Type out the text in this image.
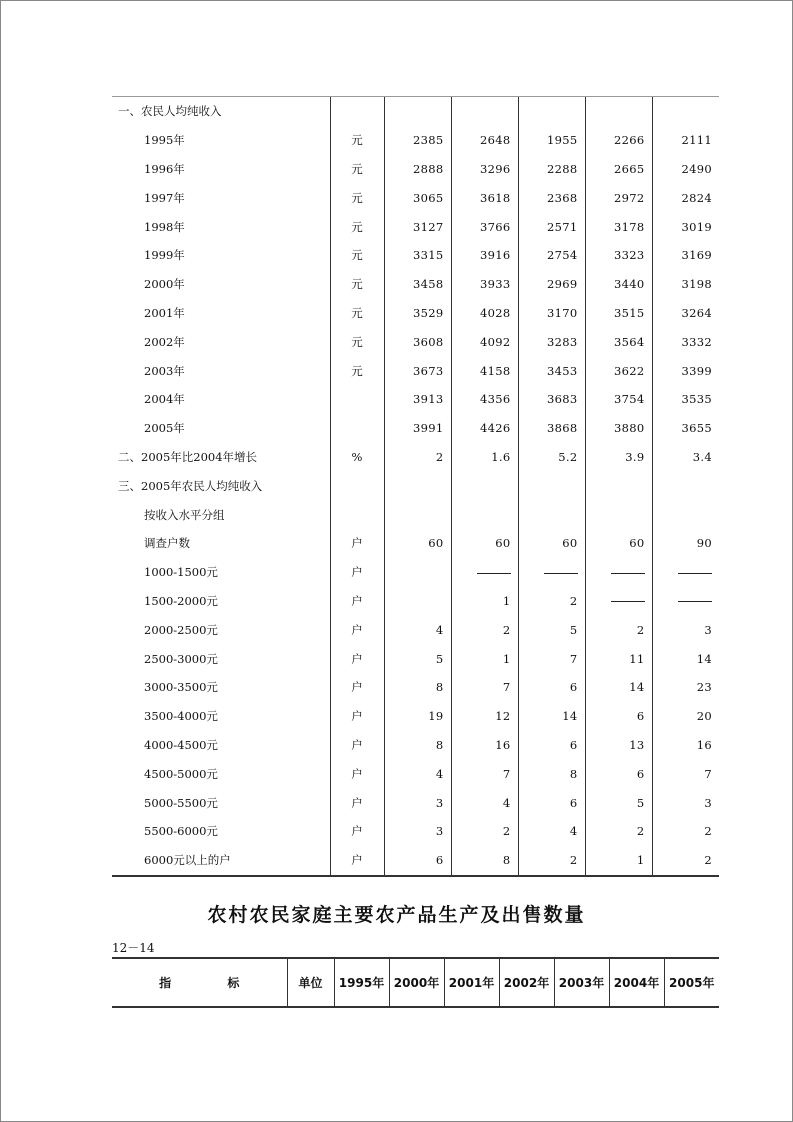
一、农民人均纯收入						
1995年	元	2385	2648	1955	2266	2111
1996年	元	2888	3296	2288	2665	2490
1997年	元	3065	3618	2368	2972	2824
1998年	元	3127	3766	2571	3178	3019
1999年	元	3315	3916	2754	3323	3169
2000年	元	3458	3933	2969	3440	3198
2001年	元	3529	4028	3170	3515	3264
2002年	元	3608	4092	3283	3564	3332
2003年	元	3673	4158	3453	3622	3399
2004年		3913	4356	3683	3754	3535
2005年		3991	4426	3868	3880	3655
二、2005年比2004年增长	%	2	1.6	5.2	3.9	3.4
三、2005年农民人均纯收入						
按收入水平分组						
调查户数	户	60	60	60	60	90
1000-1500元	户					
1500-2000元	户		1	2		
2000-2500元	户	4	2	5	2	3
2500-3000元	户	5	1	7	11	14
3000-3500元	户	8	7	6	14	23
3500-4000元	户	19	12	14	6	20
4000-4500元	户	8	16	6	13	16
4500-5000元	户	4	7	8	6	7
5000-5500元	户	3	4	6	5	3
5500-6000元	户	3	2	4	2	2
6000元以上的户	户	6	8	2	1	2
农村农民家庭主要农产品生产及出售数量
12－14
指 标	单位	1995年	2000年	2001年	2002年	2003年	2004年	2005年
